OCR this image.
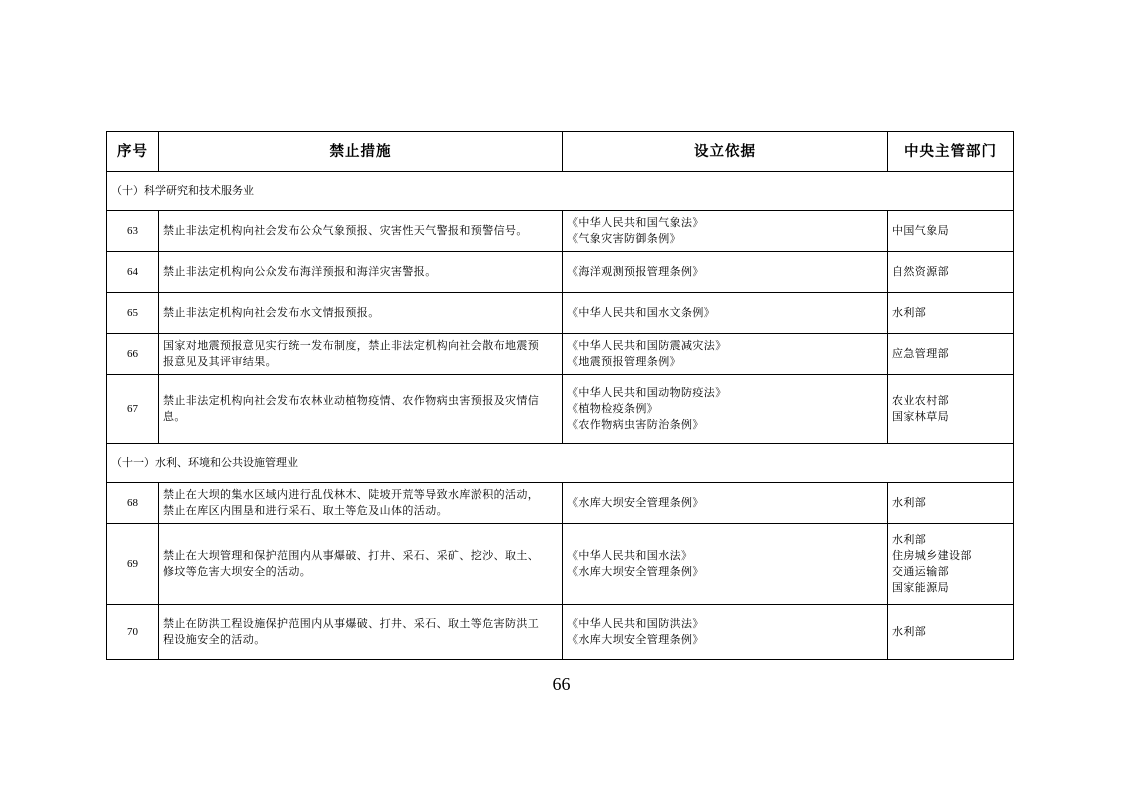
序号	禁止措施	设立依据	中央主管部门
（十）科学研究和技术服务业			
63	禁止非法定机构向社会发布公众气象预报、灾害性天气警报和预警信号。	《中华人民共和国气象法》
《气象灾害防御条例》	中国气象局

64	禁止非法定机构向公众发布海洋预报和海洋灾害警报。	《海洋观测预报管理条例》	自然资源部

65	禁止非法定机构向社会发布水文情报预报。	《中华人民共和国水文条例》	水利部

66	国家对地震预报意见实行统一发布制度，禁止非法定机构向社会散布地震预
报意见及其评审结果。	《中华人民共和国防震减灾法》
《地震预报管理条例》	应急管理部

67	禁止非法定机构向社会发布农林业动植物疫情、农作物病虫害预报及灾情信
息。	《中华人民共和国动物防疫法》
《植物检疫条例》
《农作物病虫害防治条例》	农业农村部
国家林草局

（十一）水利、环境和公共设施管理业			
68	禁止在大坝的集水区域内进行乱伐林木、陡坡开荒等导致水库淤积的活动，
禁止在库区内围垦和进行采石、取土等危及山体的活动。	《水库大坝安全管理条例》	水利部

69	禁止在大坝管理和保护范围内从事爆破、打井、采石、采矿、挖沙、取土、
修坟等危害大坝安全的活动。	《中华人民共和国水法》
《水库大坝安全管理条例》	水利部
住房城乡建设部
交通运输部
国家能源局

70	禁止在防洪工程设施保护范围内从事爆破、打井、采石、取土等危害防洪工
程设施安全的活动。	《中华人民共和国防洪法》
《水库大坝安全管理条例》	水利部
66
